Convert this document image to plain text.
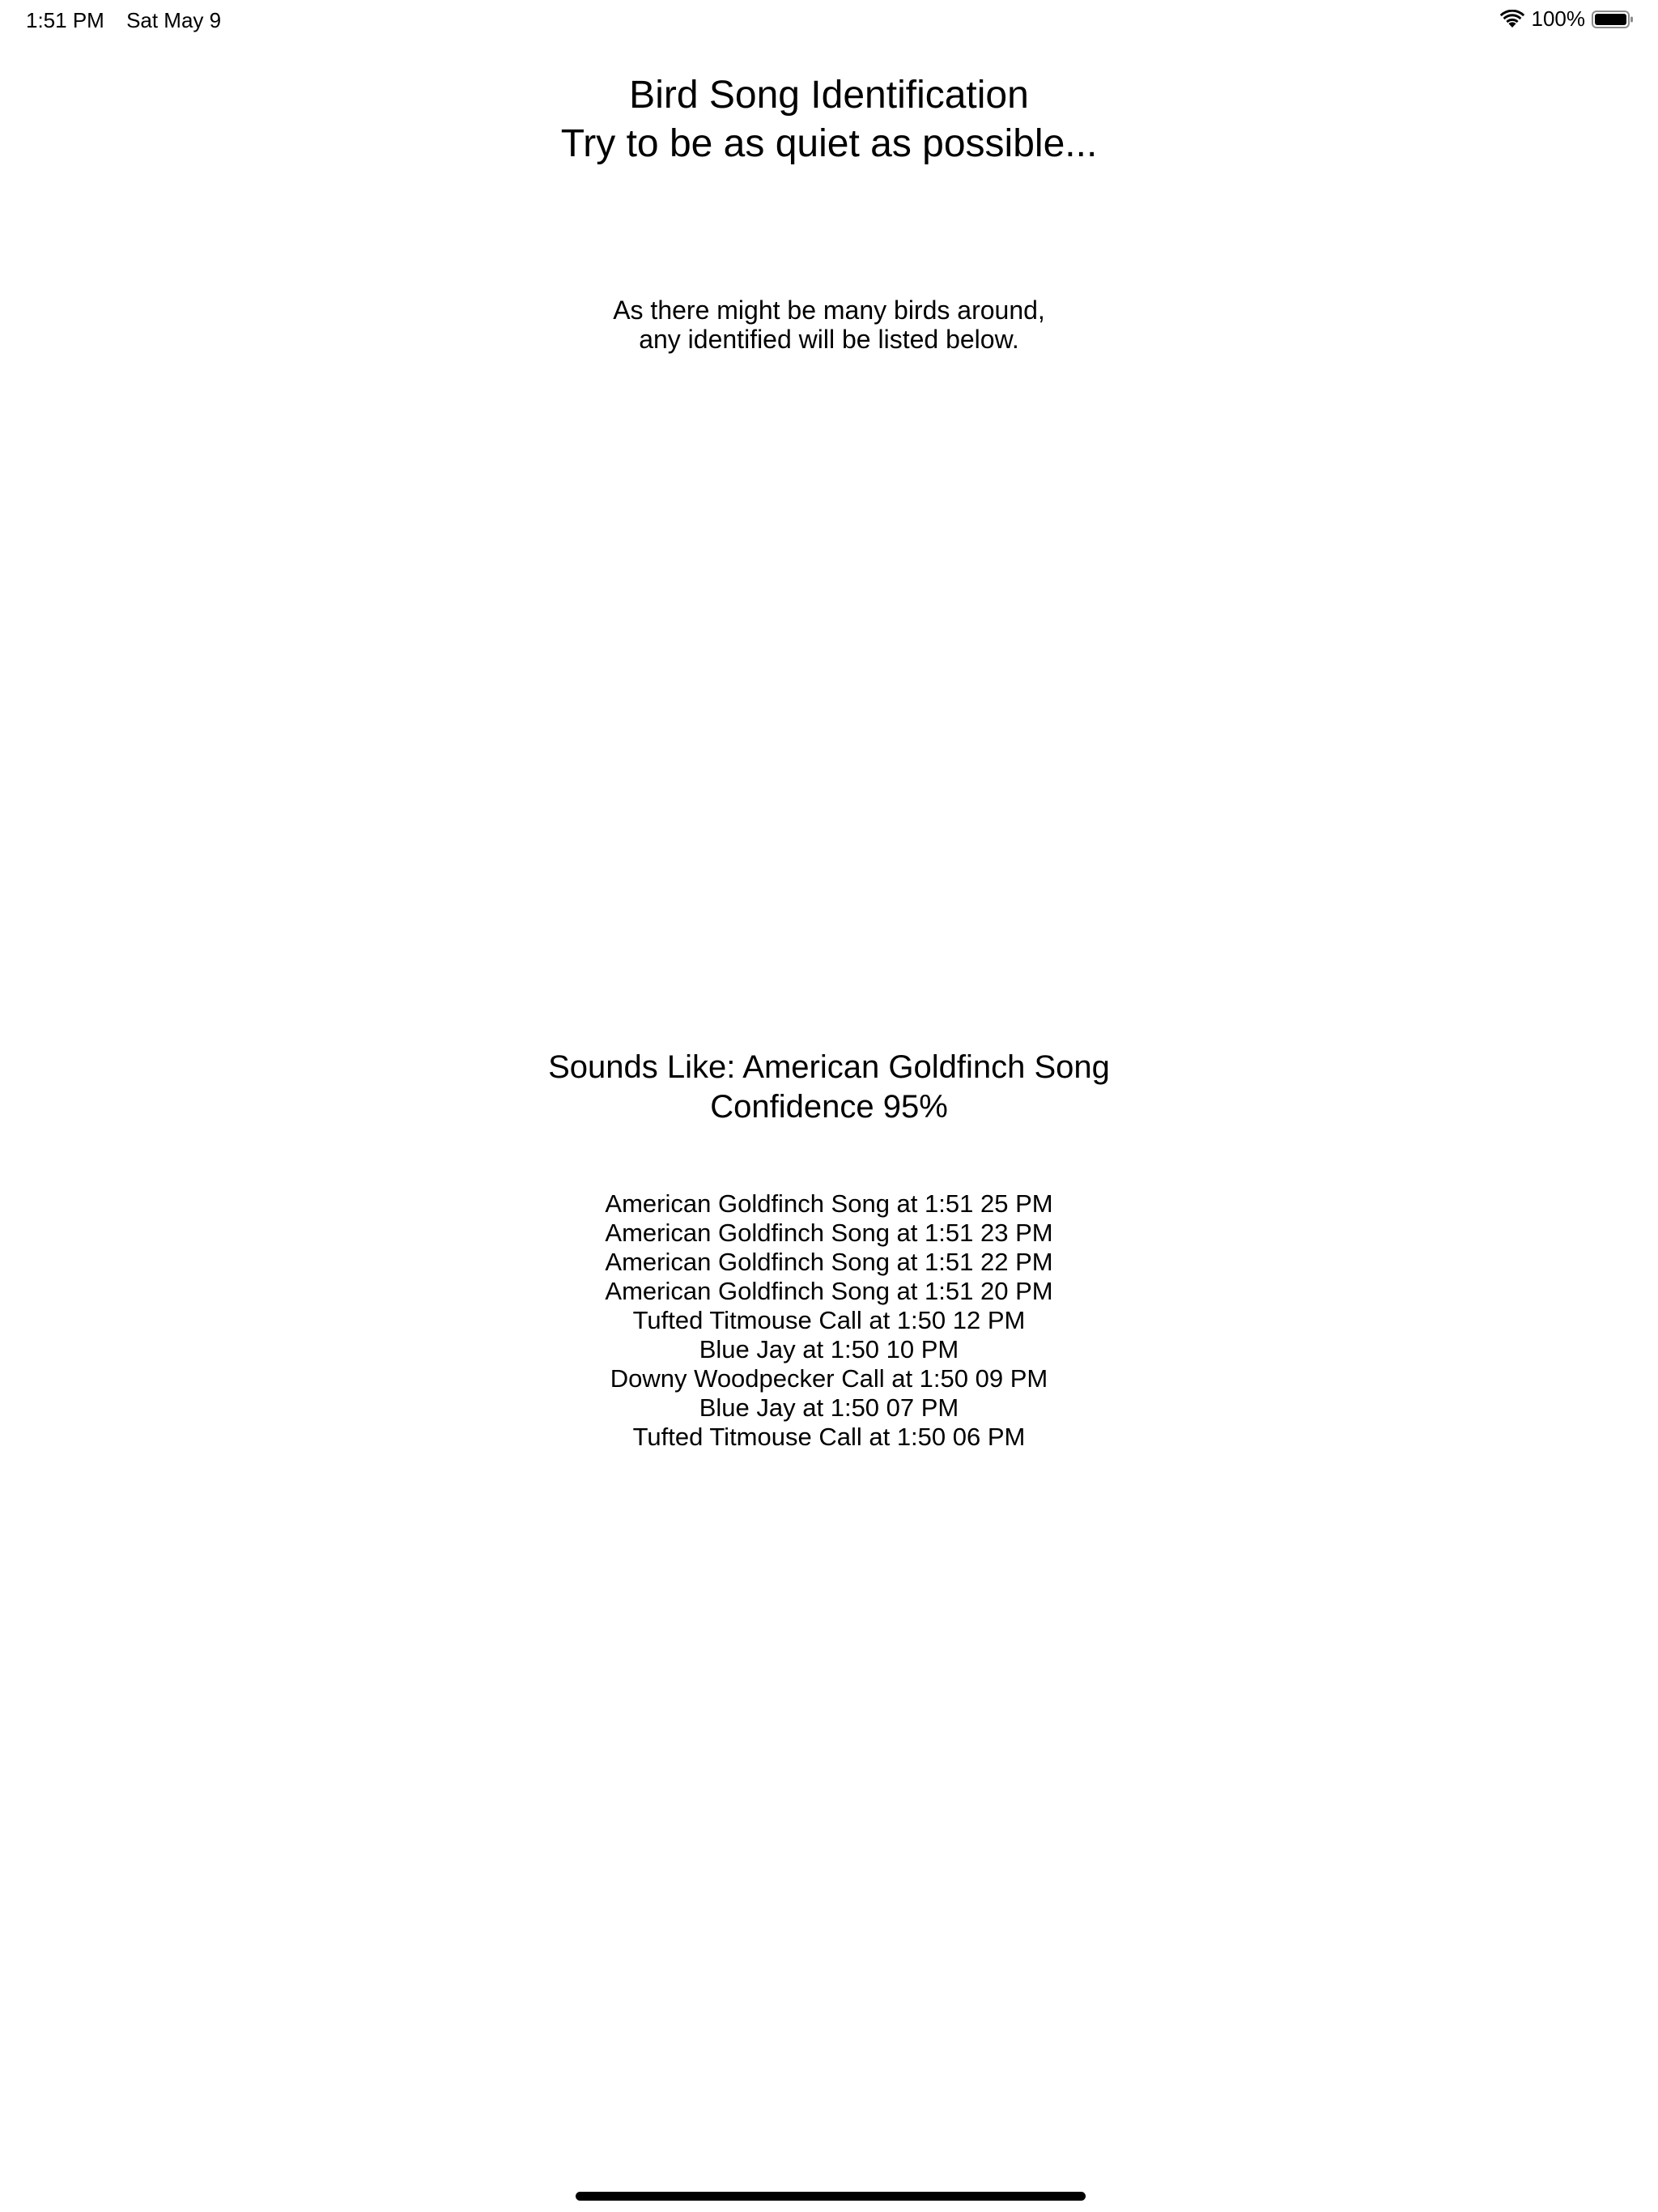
1:51 PM Sat May 9	100%
Bird Song Identification
Try to be as quiet as possible...
As there might be many birds around,
any identified will be listed below.
Sounds Like: American Goldfinch Song
Confidence 95%
American Goldfinch Song at 1:51 25 PM
American Goldfinch Song at 1:51 23 PM
American Goldfinch Song at 1:51 22 PM
American Goldfinch Song at 1:51 20 PM
Tufted Titmouse Call at 1:50 12 PM
Blue Jay at 1:50 10 PM
Downy Woodpecker Call at 1:50 09 PM
Blue Jay at 1:50 07 PM
Tufted Titmouse Call at 1:50 06 PM
